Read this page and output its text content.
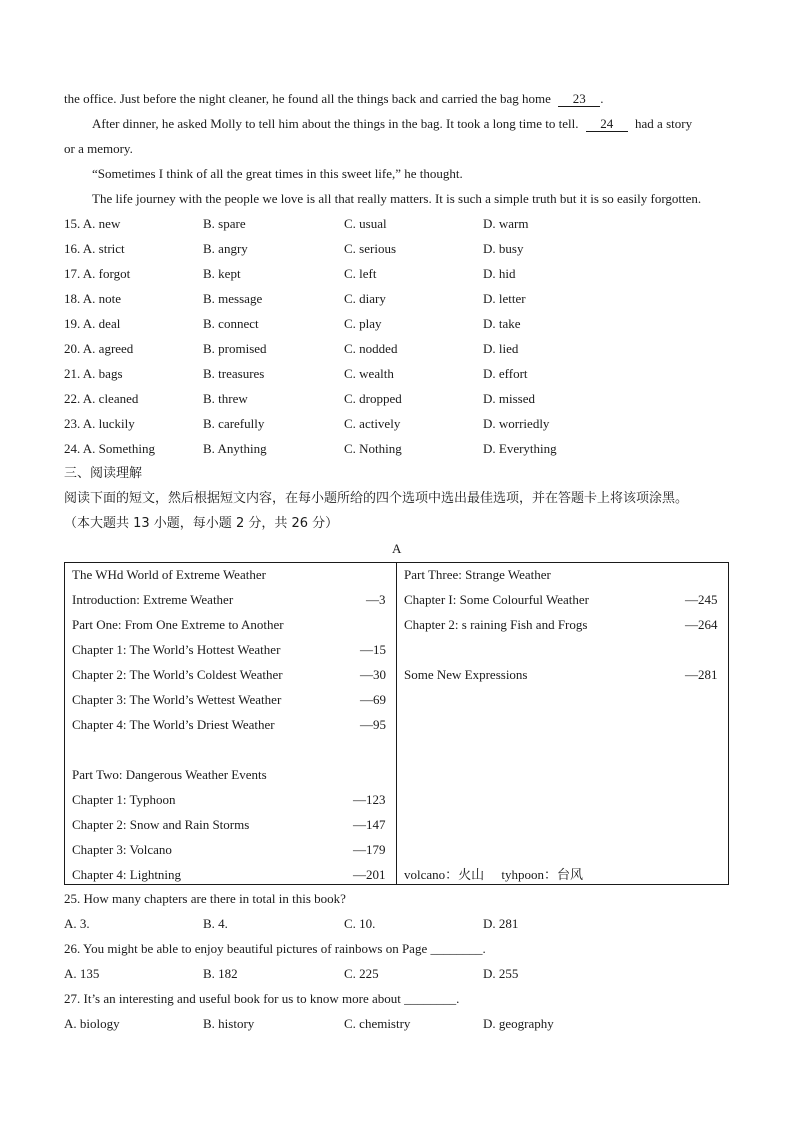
the office. Just before the night cleaner, he found all the things back and carried the bag home 23 .
After dinner, he asked Molly to tell him about the things in the bag. It took a long time to tell. 24 had a story
or a memory.
“Sometimes I think of all the great times in this sweet life,” he thought.
The life journey with the people we love is all that really matters. It is such a simple truth but it is so easily forgotten.
15. A. new	B. spare	C. usual	D. warm
16. A. strict	B. angry	C. serious	D. busy
17. A. forgot	B. kept	C. left	D. hid
18. A. note	B. message	C. diary	D. letter
19. A. deal	B. connect	C. play	D. take
20. A. agreed	B. promised	C. nodded	D. lied
21. A. bags	B. treasures	C. wealth	D. effort
22. A. cleaned	B. threw	C. dropped	D. missed
23. A. luckily	B. carefully	C. actively	D. worriedly
24. A. Something	B. Anything	C. Nothing	D. Everything
三、阅读理解
阅读下面的短文，然后根据短文内容，在每小题所给的四个选项中选出最佳选项，并在答题卡上将该项涂黑。
（本大题共 13 小题，每小题 2 分，共 26 分）
A
The WHd World of Extreme Weather
Introduction: Extreme Weather	—3
Part One: From One Extreme to Another
Chapter 1: The World’s Hottest Weather	—15
Chapter 2: The World’s Coldest Weather	—30
Chapter 3: The World’s Wettest Weather	—69
Chapter 4: The World’s Driest Weather	—95
Part Two: Dangerous Weather Events
Chapter 1: Typhoon	—123
Chapter 2: Snow and Rain Storms	—147
Chapter 3: Volcano	—179
Chapter 4: Lightning	—201
Part Three: Strange Weather
Chapter I: Some Colourful Weather	—245
Chapter 2: s raining Fish and Frogs	—264
Some New Expressions	—281
volcano：火山 tyhpoon：台风
25. How many chapters are there in total in this book?
A. 3.	B. 4.	C. 10.	D. 281
26. You might be able to enjoy beautiful pictures of rainbows on Page ________.
A. 135	B. 182	C. 225	D. 255
27. It’s an interesting and useful book for us to know more about ________.
A. biology	B. history	C. chemistry	D. geography
